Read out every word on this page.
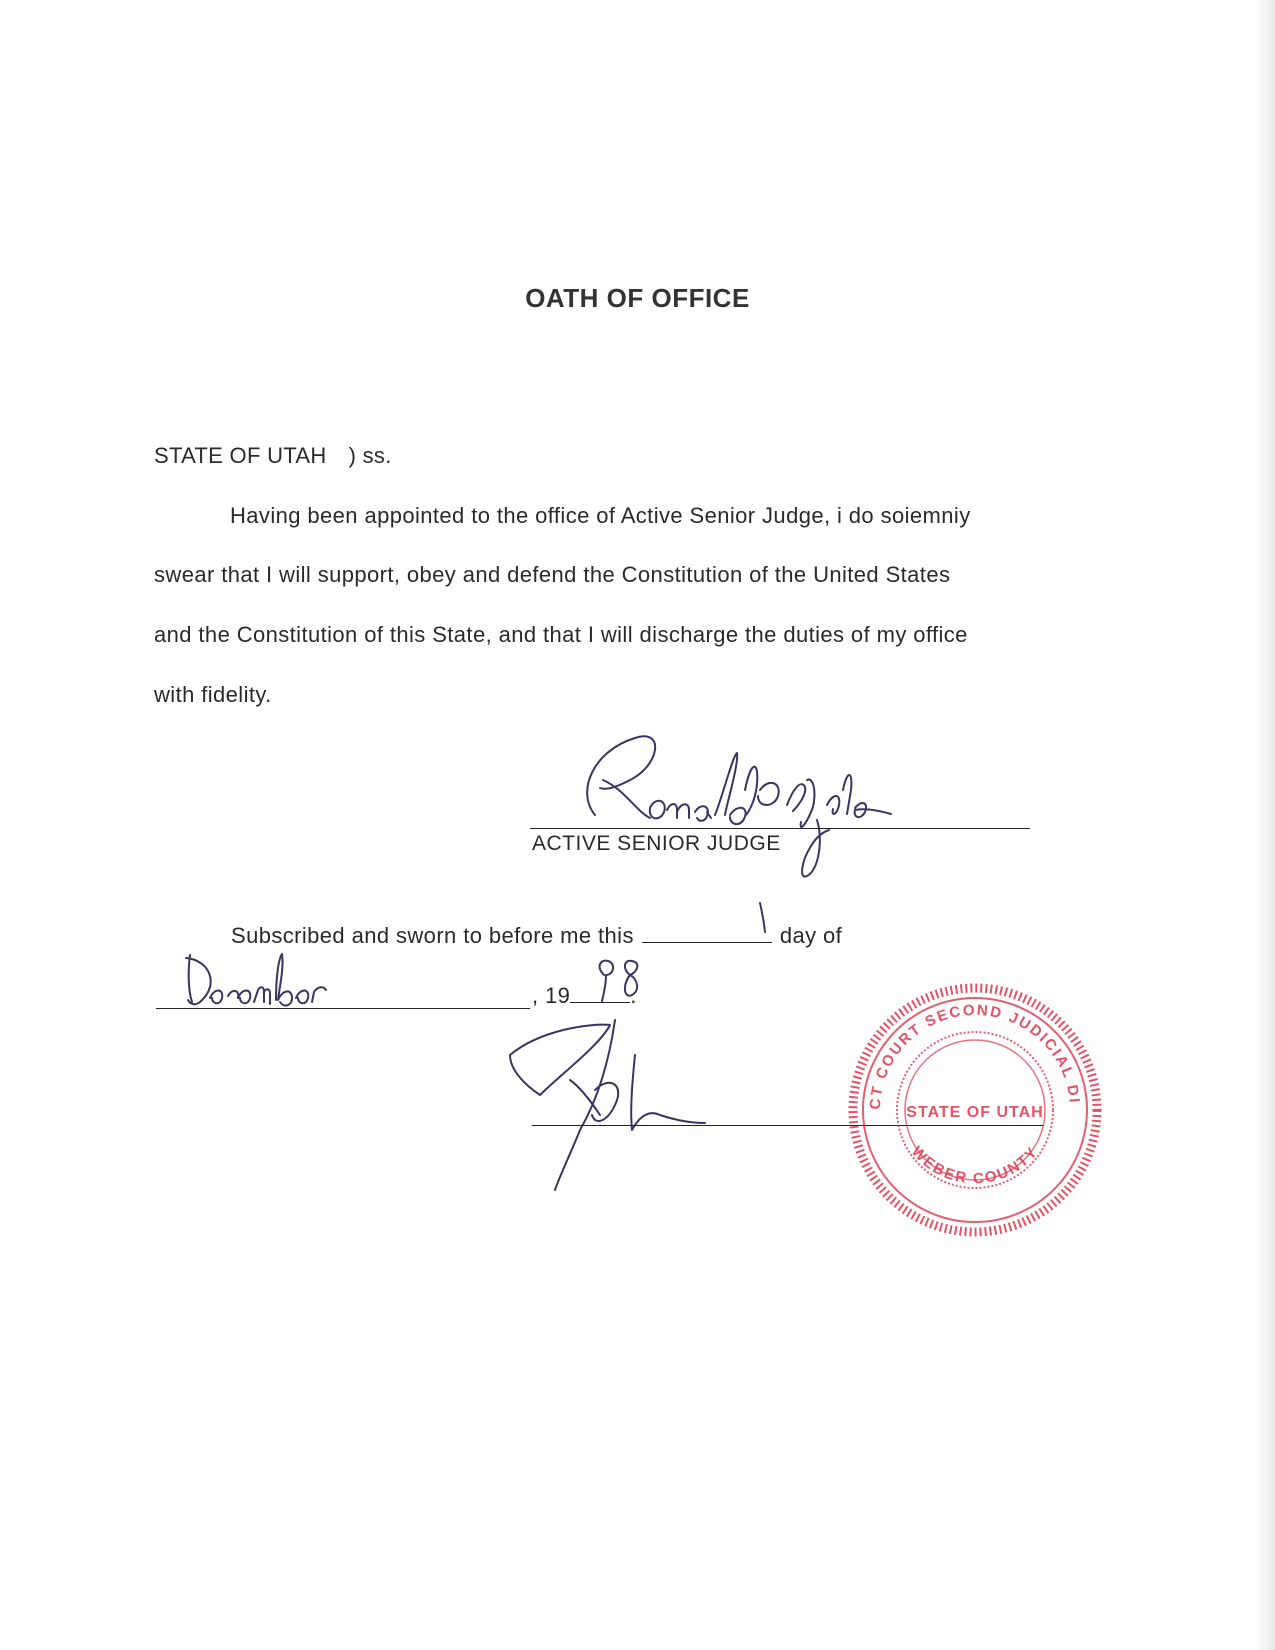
OATH OF OFFICE
STATE OF UTAH ) ss.
Having been appointed to the office of Active Senior Judge, i do soiemniy
swear that I will support, obey and defend the Constitution of the United States
and the Constitution of this State, and that I will discharge the duties of my office
with fidelity.
ACTIVE SENIOR JUDGE
Subscribed and sworn to before me this	day of
, 19	.
DISTRICT COURT SECOND JUDICIAL DISTRICT
WEBER COUNTY
STATE OF UTAH
